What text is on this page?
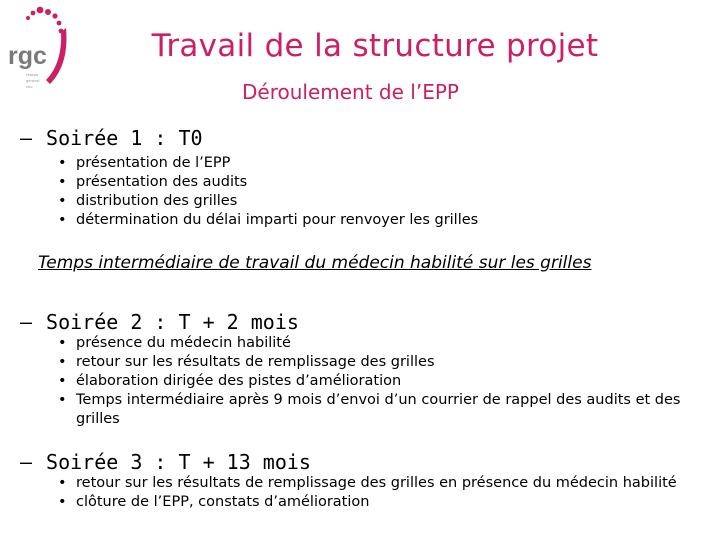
rgc
réseau
général
chu
Travail de la structure projet
Déroulement de l’EPP
– Soirée 1 : T0
• présentation de l’EPP
• présentation des audits
• distribution des grilles
• détermination du délai imparti pour renvoyer les grilles
Temps intermédiaire de travail du médecin habilité sur les grilles
– Soirée 2 : T + 2 mois
• présence du médecin habilité
• retour sur les résultats de remplissage des grilles
• élaboration dirigée des pistes d’amélioration
• Temps intermédiaire après 9 mois d’envoi d’un courrier de rappel des audits et des grilles
– Soirée 3 : T + 13 mois
• retour sur les résultats de remplissage des grilles en présence du médecin habilité
• clôture de l’EPP, constats d’amélioration
